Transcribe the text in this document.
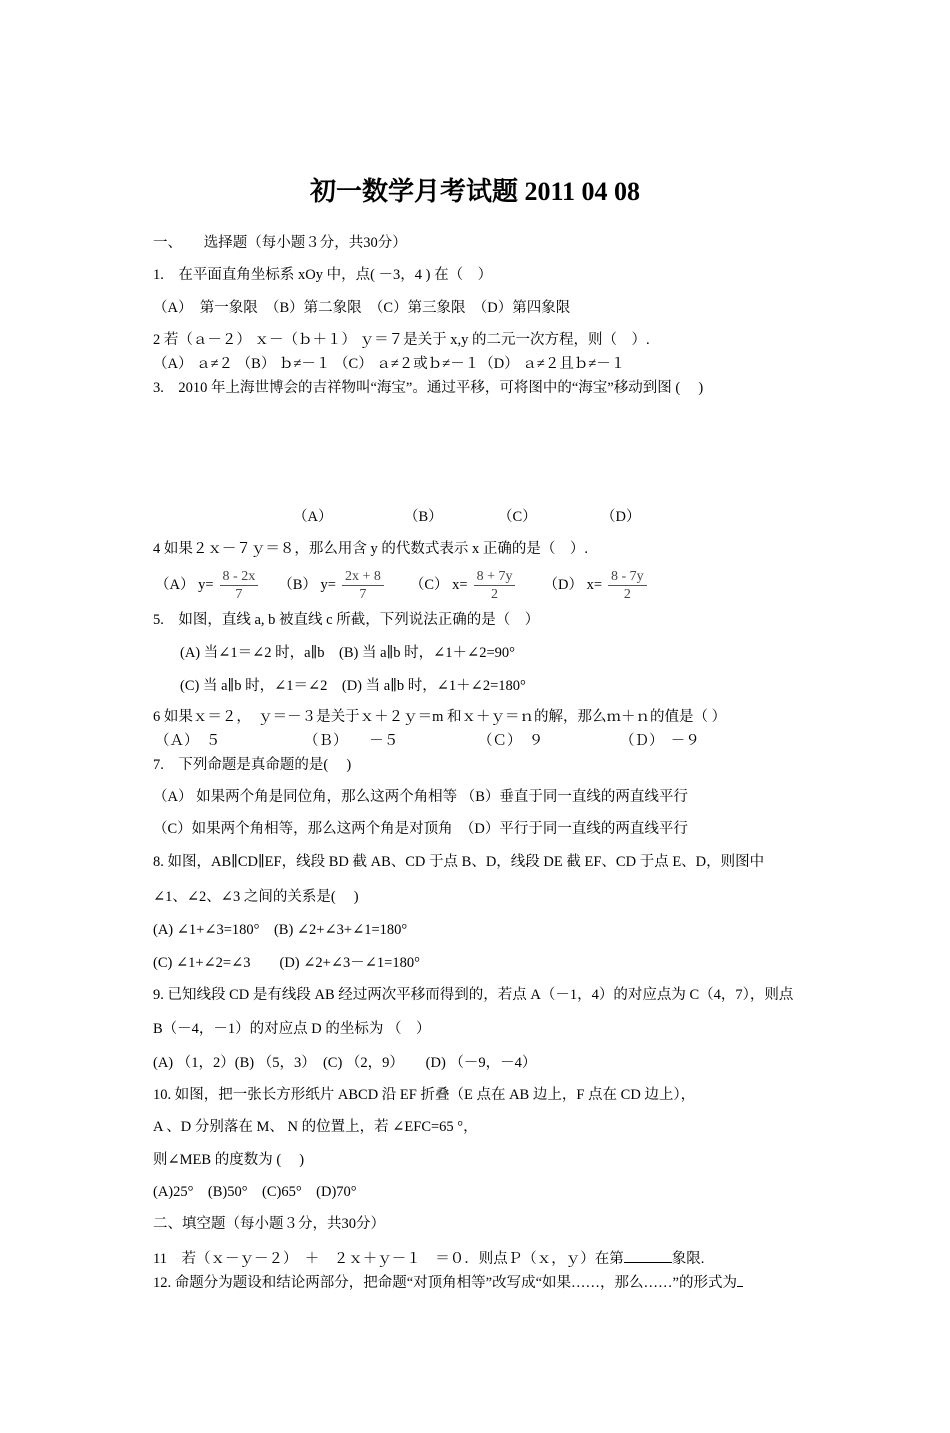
初一数学月考试题 2011 04 08
一、　　选择题（每小题３分，共30分）
1.　在平面直角坐标系 xOy 中，点( －3，4 ) 在（　）
（A）　第一象限　（B）第二象限　（C）第三象限　（D）第四象限
2 若（ａ－２） ｘ－（ｂ＋１） ｙ＝７是关于 x,y 的二元一次方程，则（　）.
（A） ａ≠２ （B） ｂ≠－１ （C） ａ≠２或ｂ≠－１（D） ａ≠２且ｂ≠－１
3.　2010 年上海世博会的吉祥物叫“海宝”。通过平移，可将图中的“海宝”移动到图 (　 )
（A）	（B）	（C）	（D）
4 如果２ｘ－７ｙ＝８，那么用含 y 的代数式表示 x 正确的是（　）.
（A） $y= \frac{8 - 2x}{7} (B)$ $y= \frac{2x + 8}{7} (C)$ $x= \frac{8 + 7y}{2} (D)$ $x= \frac{8 - 7y}{2}$
5.　如图，直线 a, b 被直线 c 所截，下列说法正确的是（　）
(A) 当∠1＝∠2 时，a∥b　(B) 当 a∥b 时，∠1＋∠2=90°
(C) 当 a∥b 时，∠1＝∠2　(D) 当 a∥b 时，∠1＋∠2=180°
6 如果ｘ＝２，　ｙ＝－３是关于ｘ＋２ｙ＝m 和ｘ＋ｙ＝ｎ的解，那么ｍ＋ｎ的值是（ ）
（Ａ）　５	（Ｂ）　　－５	（Ｃ）　９	（Ｄ）　－９
7.　下列命题是真命题的是(　 )
（A） 如果两个角是同位角，那么这两个角相等 （B）垂直于同一直线的两直线平行
（C）如果两个角相等，那么这两个角是对顶角　（D）平行于同一直线的两直线平行
8. 如图，AB∥CD∥EF，线段 BD 截 AB、CD 于点 B、D，线段 DE 截 EF、CD 于点 E、D，则图中
∠1、∠2、∠3 之间的关系是(　 )
(A) ∠1+∠3=180°　(B) ∠2+∠3+∠1=180°
(C) ∠1+∠2=∠3　　(D) ∠2+∠3－∠1=180°
9. 已知线段 CD 是有线段 AB 经过两次平移而得到的，若点 A（－1，4）的对应点为 C（4，7），则点
B（－4，－1）的对应点 D 的坐标为 （　）
(A) （1，2）(B) （5，3）　(C) （2，9）　　(D) （－9，－4）
10. 如图，把一张长方形纸片 ABCD 沿 EF 折叠（E 点在 AB 边上，F 点在 CD 边上），
A 、D 分别落在 M、 N 的位置上，若 ∠EFC=65 °，
则∠MEB 的度数为 (　 )
(A)25°　(B)50°　(C)65°　(D)70°
二、填空题（每小题３分，共30分）
11　若（ｘ－ｙ－２）　＋　２ｘ＋ｙ－１　＝０．则点Ｐ（ｘ，ｙ）在第	象限.
12. 命题分为题设和结论两部分，把命题“对顶角相等”改写成“如果……，那么……”的形式为
